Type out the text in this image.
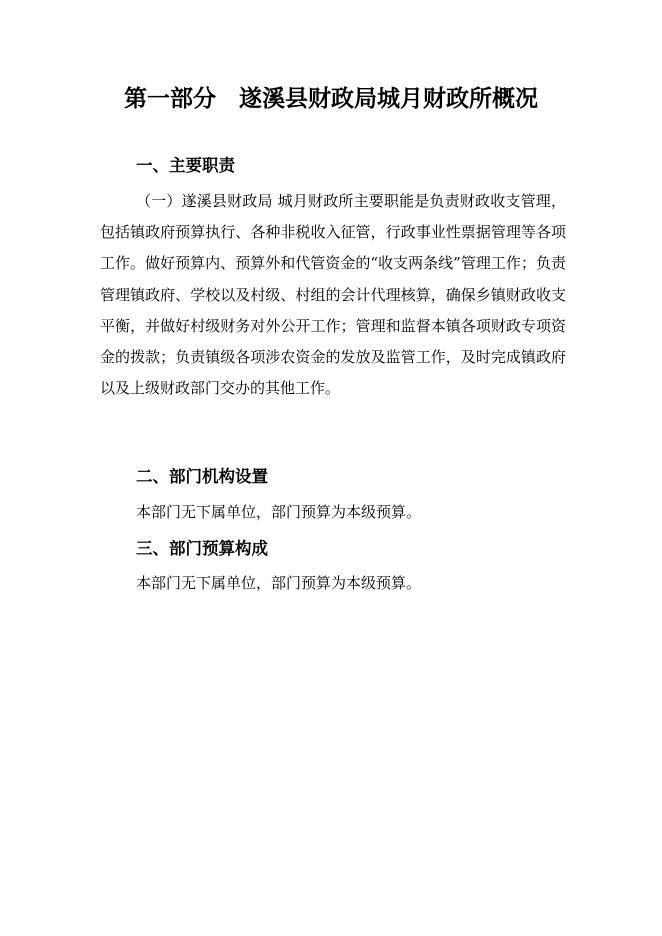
第一部分　遂溪县财政局城月财政所概况
一、主要职责

（一）遂溪县财政局 城月财政所主要职能是负责财政收支管理，包括镇政府预算执行、各种非税收入征管，行政事业性票据管理等各项工作。做好预算内、预算外和代管资金的“收支两条线”管理工作；负责管理镇政府、学校以及村级、村组的会计代理核算，确保乡镇财政收支平衡，并做好村级财务对外公开工作；管理和监督本镇各项财政专项资金的拨款；负责镇级各项涉农资金的发放及监管工作，及时完成镇政府以及上级财政部门交办的其他工作。

二、部门机构设置
本部门无下属单位，部门预算为本级预算。
三、部门预算构成
本部门无下属单位，部门预算为本级预算。
